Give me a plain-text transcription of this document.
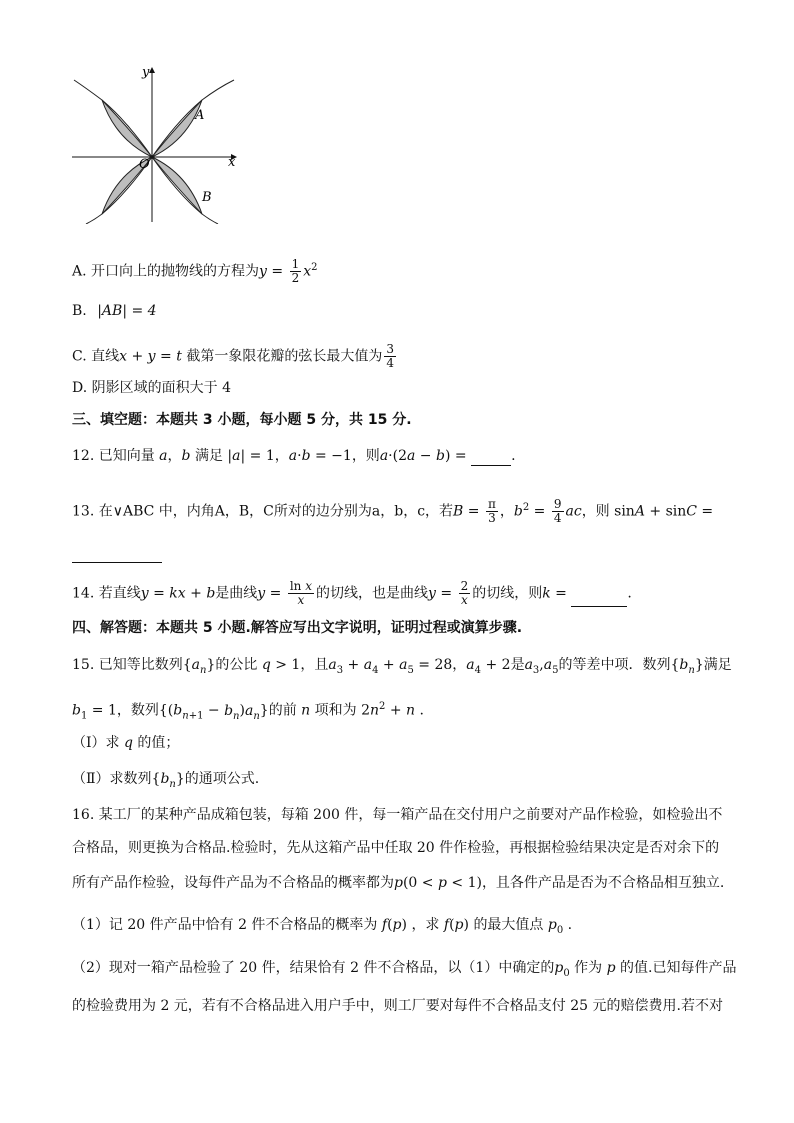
y
x
O
A
B
A. 开口向上的抛物线的方程为$y = \frac{1}{2} x^2$
B. |AB| = 4
C. 直线x + y = t 截第一象限花瓣的弦长最大值为 $\frac{3}{4}$
D. 阴影区域的面积大于 4
三、填空题：本题共 3 小题，每小题 5 分，共 15 分.
12. 已知向量 a，b 满足 |a| = 1，a·b = −1，则a·(2a − b) =	.
13. 在∨ABC 中，内角A，B，C所对的边分别为a，b，c，若$B = \frac{\pi}{3}$ ，$b^2 = \frac{9}{4}$ ac，则 sinA + sinC =
14. 若直线y = kx + b是曲线$y = \frac{\text{ln x}}{x}$ 的切线，也是曲线$y = \frac{2}{x}$ 的切线，则k =	.
四、解答题：本题共 5 小题.解答应写出文字说明，证明过程或演算步骤.
15. 已知等比数列$\{a_n\}$的公比 q > 1，且$a_3 + a_4 + a_5 = 28$，$a_4 + 2$是$a_3,a_5$的等差中项．数列$\{b_n\}$满足
$b_1 = 1$，数列$\{(b_{n+1} - b_n)a_n\}$的前 n 项和为 $2n^2 + n$ .
（Ⅰ）求 q 的值；
（Ⅱ）求数列$\{b_n\}$的通项公式.
16. 某工厂的某种产品成箱包装，每箱 200 件，每一箱产品在交付用户之前要对产品作检验，如检验出不
合格品，则更换为合格品.检验时，先从这箱产品中任取 20 件作检验，再根据检验结果决定是否对余下的
所有产品作检验，设每件产品为不合格品的概率都为p(0 < p < 1)，且各件产品是否为不合格品相互独立.
（1）记 20 件产品中恰有 2 件不合格品的概率为 f(p) ，求 f(p) 的最大值点 $p_0$ .
（2）现对一箱产品检验了 20 件，结果恰有 2 件不合格品，以（1）中确定的$p_0$ 作为 p 的值.已知每件产品
的检验费用为 2 元，若有不合格品进入用户手中，则工厂要对每件不合格品支付 25 元的赔偿费用.若不对
